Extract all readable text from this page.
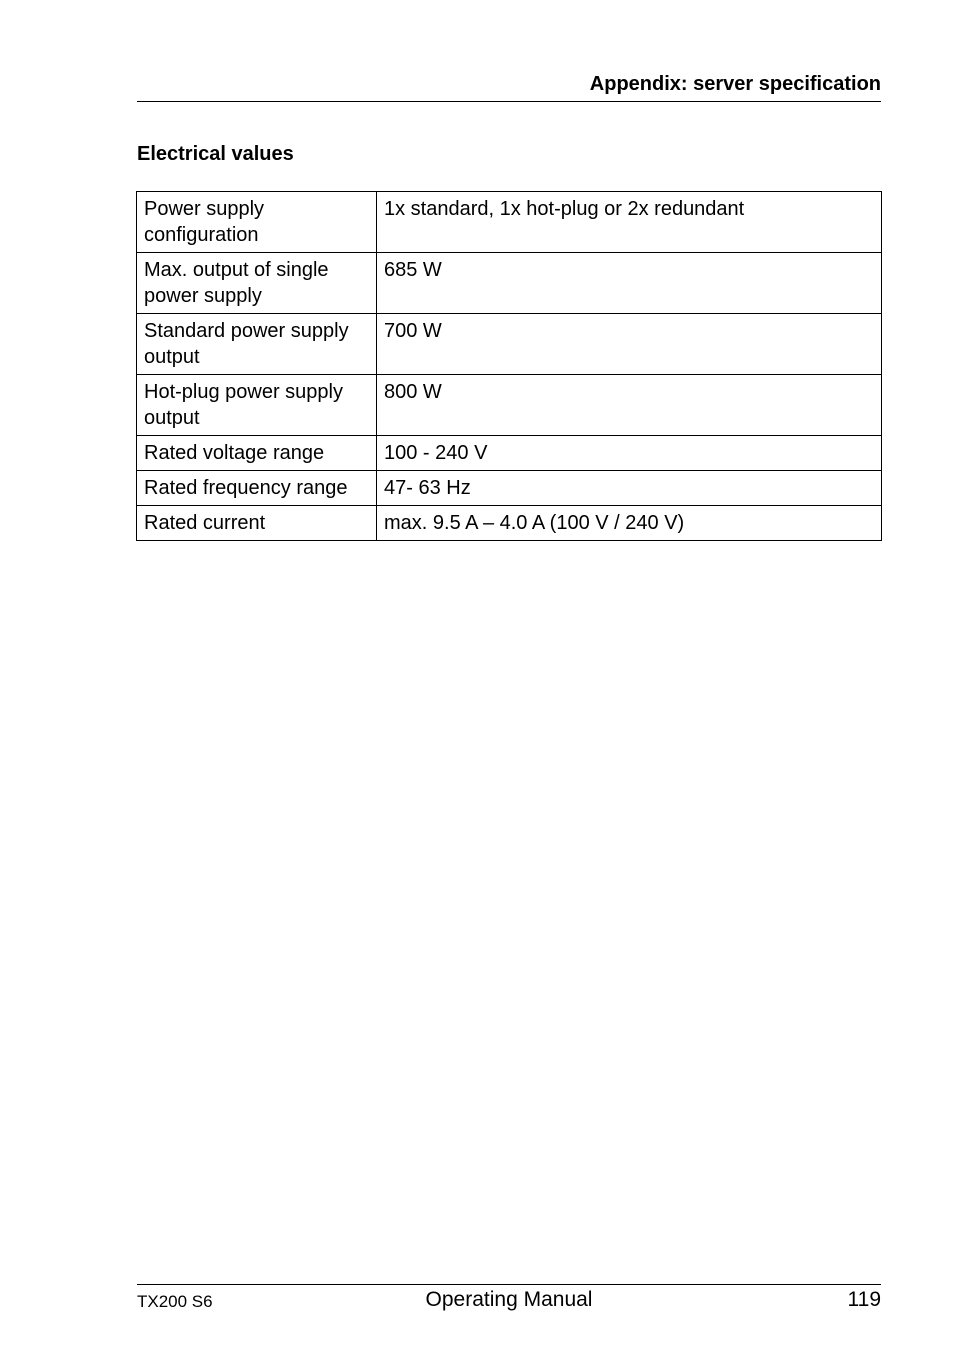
Appendix: server specification
Electrical values
Power supply configuration	1x standard, 1x hot-plug or 2x redundant
Max. output of single power supply	685 W
Standard power supply output	700 W
Hot-plug power supply output	800 W
Rated voltage range	100 - 240 V
Rated frequency range	47- 63 Hz
Rated current	max. 9.5 A – 4.0 A (100 V / 240 V)
TX200 S6	Operating Manual	119
